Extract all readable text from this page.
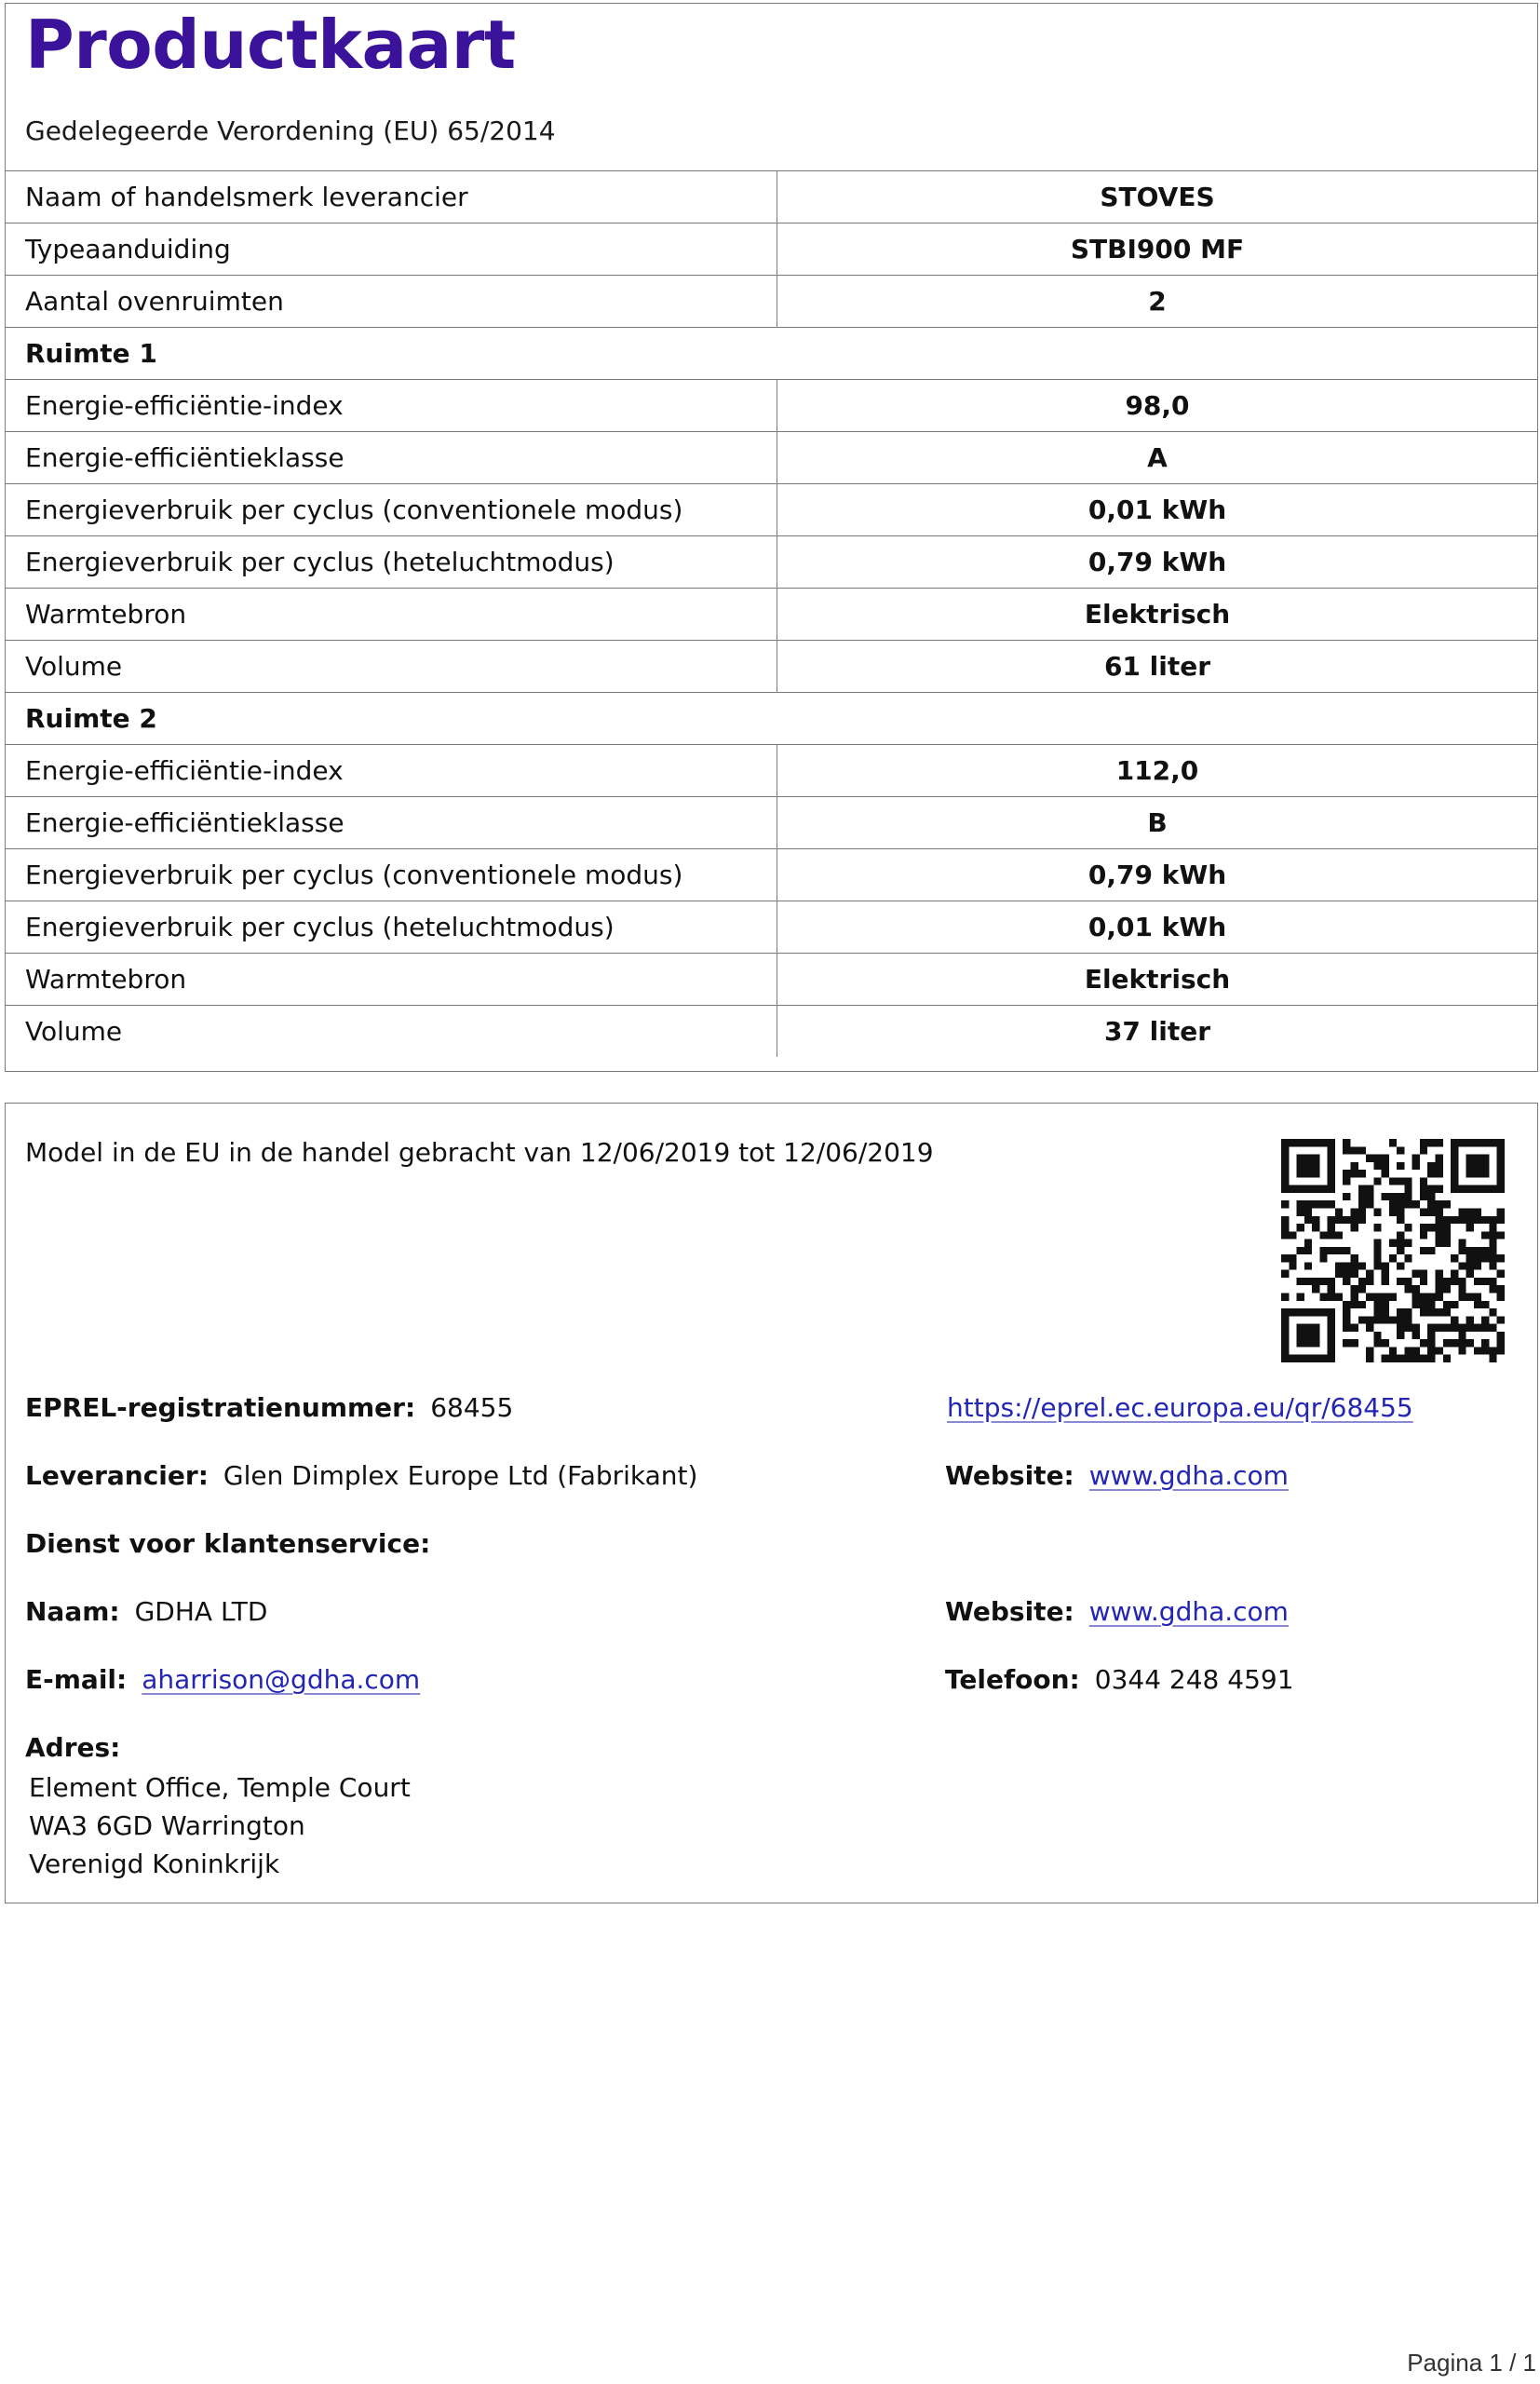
Productkaart
Gedelegeerde Verordening (EU) 65/2014
Naam of handelsmerk leverancier	STOVES
Typeaanduiding	STBI900 MF
Aantal ovenruimten	2
Ruimte 1	
Energie-efficiëntie-index	98,0
Energie-efficiëntieklasse	A
Energieverbruik per cyclus (conventionele modus)	0,01 kWh
Energieverbruik per cyclus (heteluchtmodus)	0,79 kWh
Warmtebron	Elektrisch
Volume	61 liter
Ruimte 2	
Energie-efficiëntie-index	112,0
Energie-efficiëntieklasse	B
Energieverbruik per cyclus (conventionele modus)	0,79 kWh
Energieverbruik per cyclus (heteluchtmodus)	0,01 kWh
Warmtebron	Elektrisch
Volume	37 liter
Model in de EU in de handel gebracht van 12/06/2019 tot 12/06/2019
EPREL-registratienummer: 68455	https://eprel.ec.europa.eu/qr/68455
Leverancier: Glen Dimplex Europe Ltd (Fabrikant)	Website: www.gdha.com
Dienst voor klantenservice:
Naam: GDHA LTD	Website: www.gdha.com
E-mail: aharrison@gdha.com	Telefoon: 0344 248 4591
Adres:
Element Office, Temple Court
WA3 6GD Warrington
Verenigd Koninkrijk
Pagina 1 / 1
